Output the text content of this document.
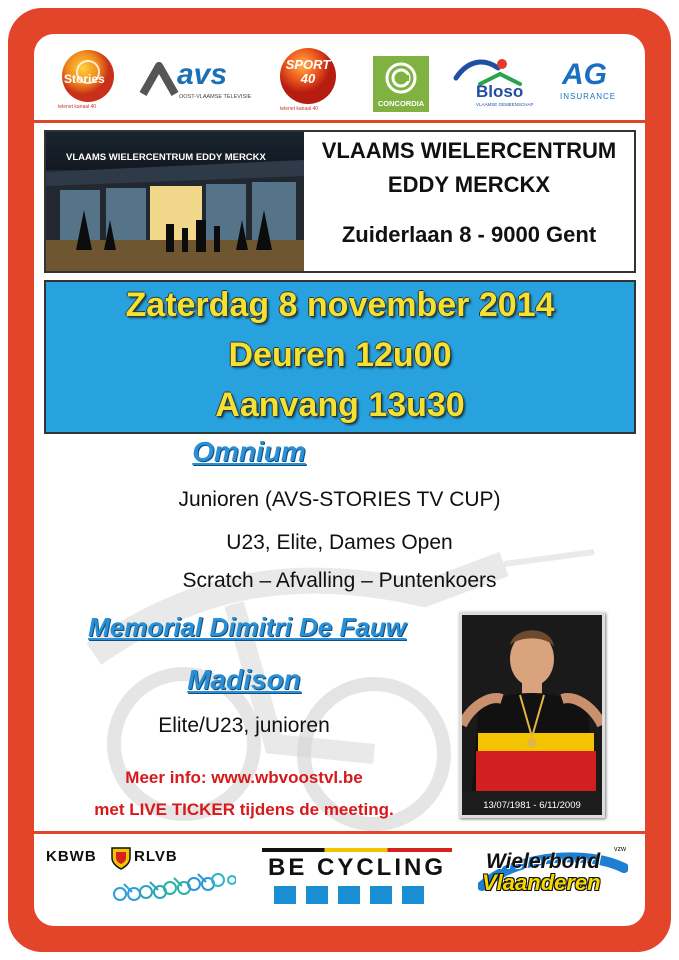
Stories
telenet kanaal 40
avs
OOST-VLAAMSE TELEVISIE
SPORT 40
telenet kanaal 40
CONCORDIA
Bloso
VLAAMSE GEMEENSCHAP
AG
INSURANCE
VLAAMS WIELERCENTRUM EDDY MERCKX	VLAAMS WIELERCENTRUM
EDDY MERCKX
Zuiderlaan 8 - 9000 Gent
Zaterdag 8 november 2014
Deuren 12u00
Aanvang 13u30
Omnium
Junioren (AVS-STORIES TV CUP)
U23, Elite, Dames Open
Scratch – Afvalling – Puntenkoers
Memorial Dimitri De Fauw
Madison
Elite/U23, junioren
Meer info: www.wbvoostvl.be
met LIVE TICKER tijdens de meeting.	13/07/1981 - 6/11/2009
KBWB RLVB	BE CYCLING Wielerbond
Vlaanderen
vzw
